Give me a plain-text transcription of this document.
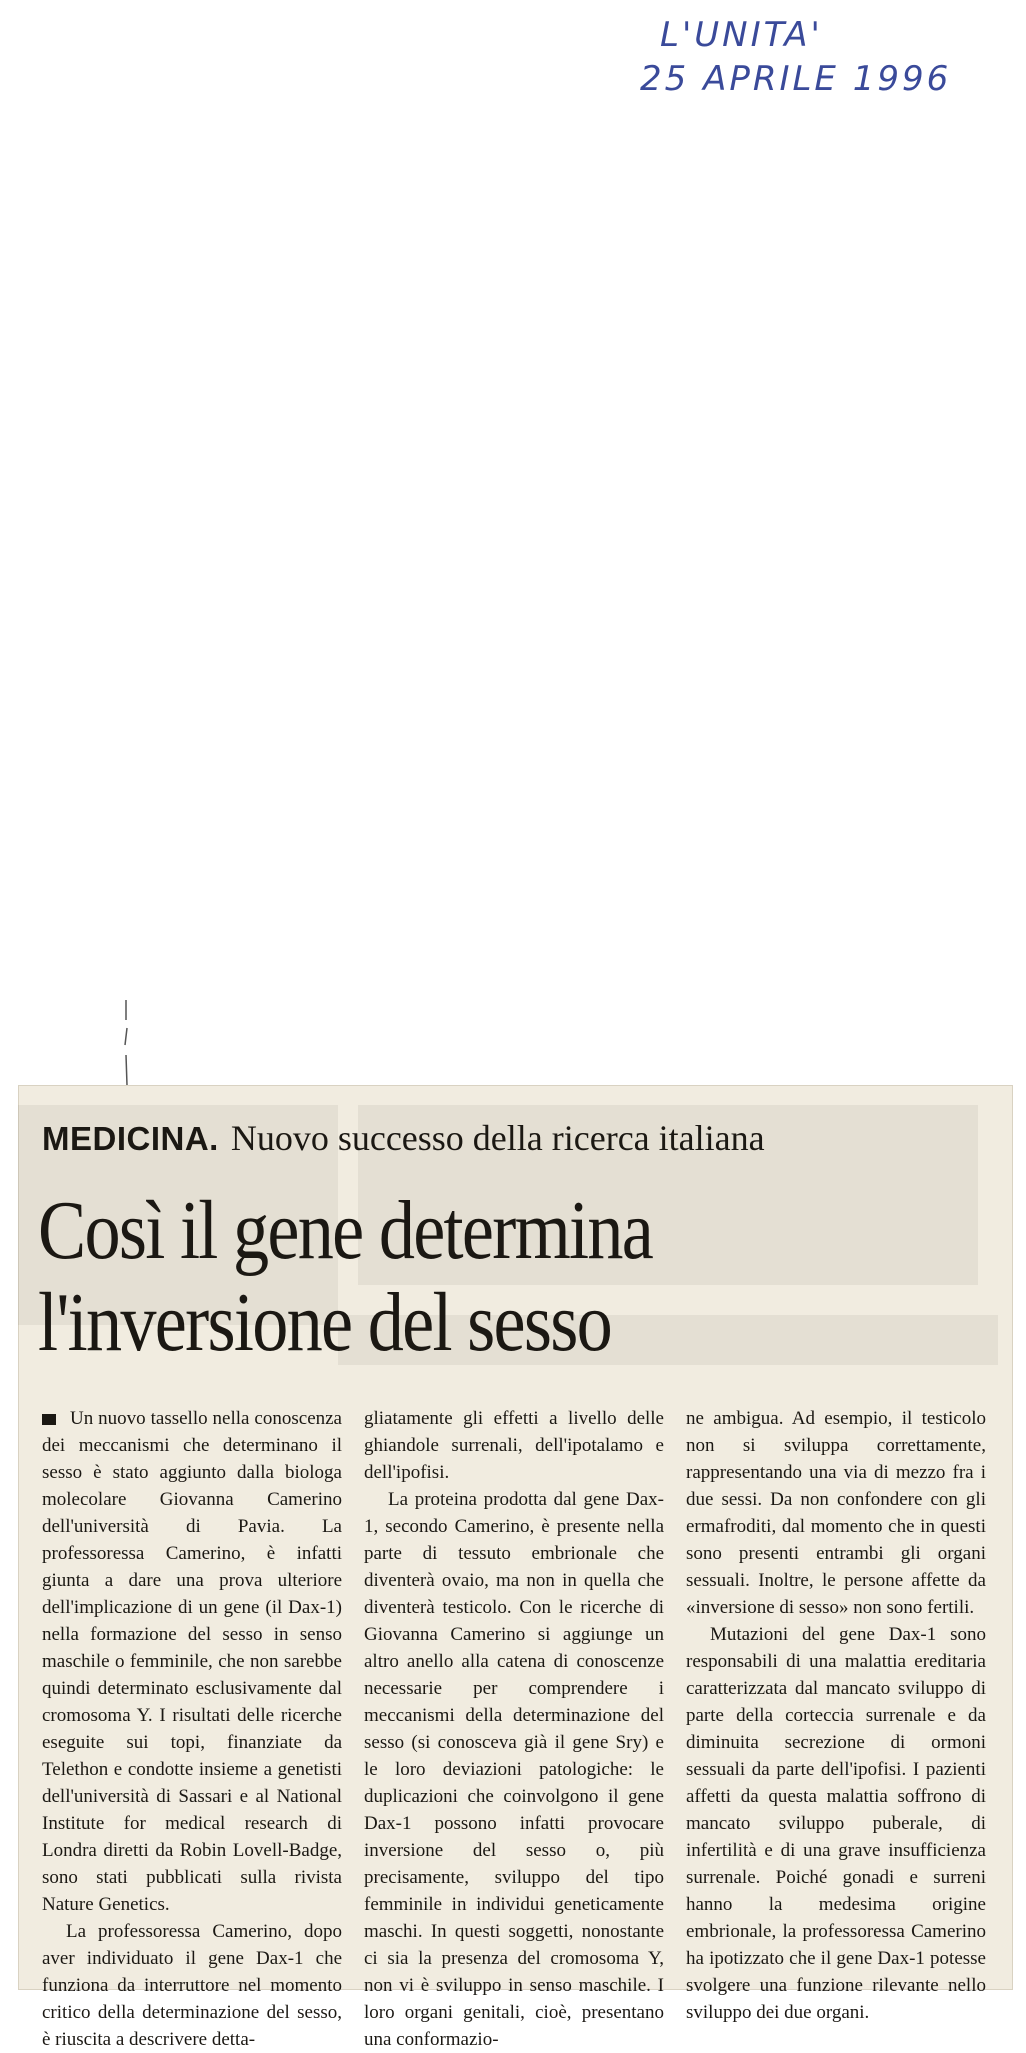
L'UNITA'
25 APRILE 1996
MEDICINA. Nuovo successo della ricerca italiana
Così il gene determina
l'inversione del sesso

Un nuovo tassello nella conoscenza dei meccanismi che determinano il sesso è stato aggiunto dalla biologa molecolare Giovanna Camerino dell'università di Pavia. La professoressa Camerino, è infatti giunta a dare una prova ulteriore dell'implicazione di un gene (il Dax-1) nella formazione del sesso in senso maschile o femminile, che non sarebbe quindi determinato esclusivamente dal cromosoma Y. I risultati delle ricerche eseguite sui topi, finanziate da Telethon e condotte insieme a genetisti dell'università di Sassari e al National Institute for medical research di Londra diretti da Robin Lovell-Badge, sono stati pubblicati sulla rivista Nature Genetics.

La professoressa Camerino, dopo aver individuato il gene Dax-1 che funziona da interruttore nel momento critico della determinazione del sesso, è riuscita a descrivere detta-

gliatamente gli effetti a livello delle ghiandole surrenali, dell'ipotalamo e dell'ipofisi.

La proteina prodotta dal gene Dax-1, secondo Camerino, è presente nella parte di tessuto embrionale che diventerà ovaio, ma non in quella che diventerà testicolo. Con le ricerche di Giovanna Camerino si aggiunge un altro anello alla catena di conoscenze necessarie per comprendere i meccanismi della determinazione del sesso (si conosceva già il gene Sry) e le loro deviazioni patologiche: le duplicazioni che coinvolgono il gene Dax-1 possono infatti provocare inversione del sesso o, più precisamente, sviluppo del tipo femminile in individui geneticamente maschi. In questi soggetti, nonostante ci sia la presenza del cromosoma Y, non vi è sviluppo in senso maschile. I loro organi genitali, cioè, presentano una conformazio-

ne ambigua. Ad esempio, il testicolo non si sviluppa correttamente, rappresentando una via di mezzo fra i due sessi. Da non confondere con gli ermafroditi, dal momento che in questi sono presenti entrambi gli organi sessuali. Inoltre, le persone affette da «inversione di sesso» non sono fertili.

Mutazioni del gene Dax-1 sono responsabili di una malattia ereditaria caratterizzata dal mancato sviluppo di parte della corteccia surrenale e da diminuita secrezione di ormoni sessuali da parte dell'ipofisi. I pazienti affetti da questa malattia soffrono di mancato sviluppo puberale, di infertilità e di una grave insufficienza surrenale. Poiché gonadi e surreni hanno la medesima origine embrionale, la professoressa Camerino ha ipotizzato che il gene Dax-1 potesse svolgere una funzione rilevante nello sviluppo dei due organi.
